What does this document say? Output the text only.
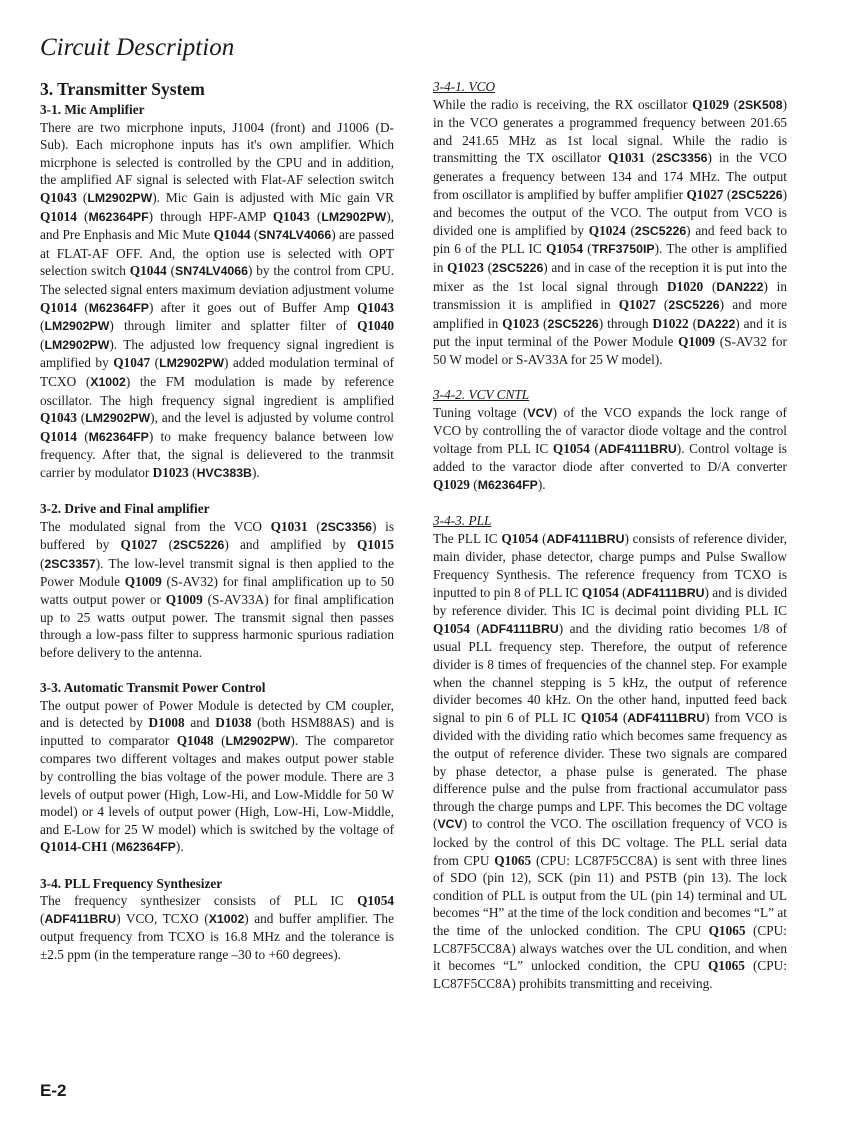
Circuit Description
3. Transmitter System
3-1. Mic Amplifier

There are two micrphone inputs, J1004 (front) and J1006 (D-Sub). Each microphone inputs has it's own amplifier. Which micrphone is selected is controlled by the CPU and in addition, the amplified AF signal is selected with Flat-AF selection switch Q1043 (LM2902PW). Mic Gain is adjusted with Mic gain VR Q1014 (M62364PF) through HPF-AMP Q1043 (LM2902PW), and Pre Enphasis and Mic Mute Q1044 (SN74LV4066) are passed at FLAT-AF OFF. And, the option use is selected with OPT selection switch Q1044 (SN74LV4066) by the control from CPU. The selected signal enters maximum deviation adjustment volume Q1014 (M62364FP) after it goes out of Buffer Amp Q1043 (LM2902PW) through limiter and splatter filter of Q1040 (LM2902PW). The adjusted low frequency signal ingredient is amplified by Q1047 (LM2902PW) added modulation terminal of TCXO (X1002) the FM modulation is made by reference oscillator. The high frequency signal ingredient is amplified Q1043 (LM2902PW), and the level is adjusted by volume control Q1014 (M62364FP) to make frequency balance between low frequency. After that, the signal is delievered to the tranmsit carrier by modulator D1023 (HVC383B).

3-2. Drive and Final amplifier

The modulated signal from the VCO Q1031 (2SC3356) is buffered by Q1027 (2SC5226) and amplified by Q1015 (2SC3357). The low-level transmit signal is then applied to the Power Module Q1009 (S-AV32) for final amplification up to 50 watts output power or Q1009 (S-AV33A) for final amplification up to 25 watts output power. The transmit signal then passes through a low-pass filter to suppress harmonic spurious radiation before delivery to the antenna.

3-3. Automatic Transmit Power Control

The output power of Power Module is detected by CM coupler, and is detected by D1008 and D1038 (both HSM88AS) and is inputted to comparator Q1048 (LM2902PW). The comparetor compares two different voltages and makes output power stable by controlling the bias voltage of the power module. There are 3 levels of output power (High, Low-Hi, and Low-Middle for 50 W model) or 4 levels of output power (High, Low-Hi, Low-Middle, and E-Low for 25 W model) which is switched by the voltage of Q1014-CH1 (M62364FP).

3-4. PLL Frequency Synthesizer

The frequency synthesizer consists of PLL IC Q1054 (ADF411BRU) VCO, TCXO (X1002) and buffer amplifier. The output frequency from TCXO is 16.8 MHz and the tolerance is ±2.5 ppm (in the temperature range –30 to +60 degrees).

3-4-1. VCO

While the radio is receiving, the RX oscillator Q1029 (2SK508) in the VCO generates a programmed frequency between 201.65 and 241.65 MHz as 1st local signal. While the radio is transmitting the TX oscillator Q1031 (2SC3356) in the VCO generates a frequency between 134 and 174 MHz. The output from oscillator is amplified by buffer amplifier Q1027 (2SC5226) and becomes the output of the VCO. The output from VCO is divided one is amplified by Q1024 (2SC5226) and feed back to pin 6 of the PLL IC Q1054 (TRF3750IP). The other is amplified in Q1023 (2SC5226) and in case of the reception it is put into the mixer as the 1st local signal through D1020 (DAN222) in transmission it is amplified in Q1027 (2SC5226) and more amplified in Q1023 (2SC5226) through D1022 (DA222) and it is put the input terminal of the Power Module Q1009 (S-AV32 for 50 W model or S-AV33A for 25 W model).

3-4-2. VCV CNTL

Tuning voltage (VCV) of the VCO expands the lock range of VCO by controlling the of varactor diode voltage and the control voltage from PLL IC Q1054 (ADF4111BRU). Control voltage is added to the varactor diode after converted to D/A converter Q1029 (M62364FP).

3-4-3. PLL

The PLL IC Q1054 (ADF4111BRU) consists of reference divider, main divider, phase detector, charge pumps and Pulse Swallow Frequency Synthesis. The reference frequency from TCXO is inputted to pin 8 of PLL IC Q1054 (ADF4111BRU) and is divided by reference divider. This IC is decimal point dividing PLL IC Q1054 (ADF4111BRU) and the dividing ratio becomes 1/8 of usual PLL frequency step. Therefore, the output of reference divider is 8 times of frequencies of the channel step. For example when the channel stepping is 5 kHz, the output of reference divider becomes 40 kHz. On the other hand, inputted feed back signal to pin 6 of PLL IC Q1054 (ADF4111BRU) from VCO is divided with the dividing ratio which becomes same frequency as the output of reference divider. These two signals are compared by phase detector, a phase pulse is generated. The phase difference pulse and the pulse from fractional accumulator pass through the charge pumps and LPF. This becomes the DC voltage (VCV) to control the VCO. The oscillation frequency of VCO is locked by the control of this DC voltage. The PLL serial data from CPU Q1065 (CPU: LC87F5CC8A) is sent with three lines of SDO (pin 12), SCK (pin 11) and PSTB (pin 13). The lock condition of PLL is output from the UL (pin 14) terminal and UL becomes “H” at the time of the lock condition and becomes “L” at the time of the unlocked condition. The CPU Q1065 (CPU: LC87F5CC8A) always watches over the UL condition, and when it becomes “L” unlocked condition, the CPU Q1065 (CPU: LC87F5CC8A) prohibits transmitting and receiving.

E-2
